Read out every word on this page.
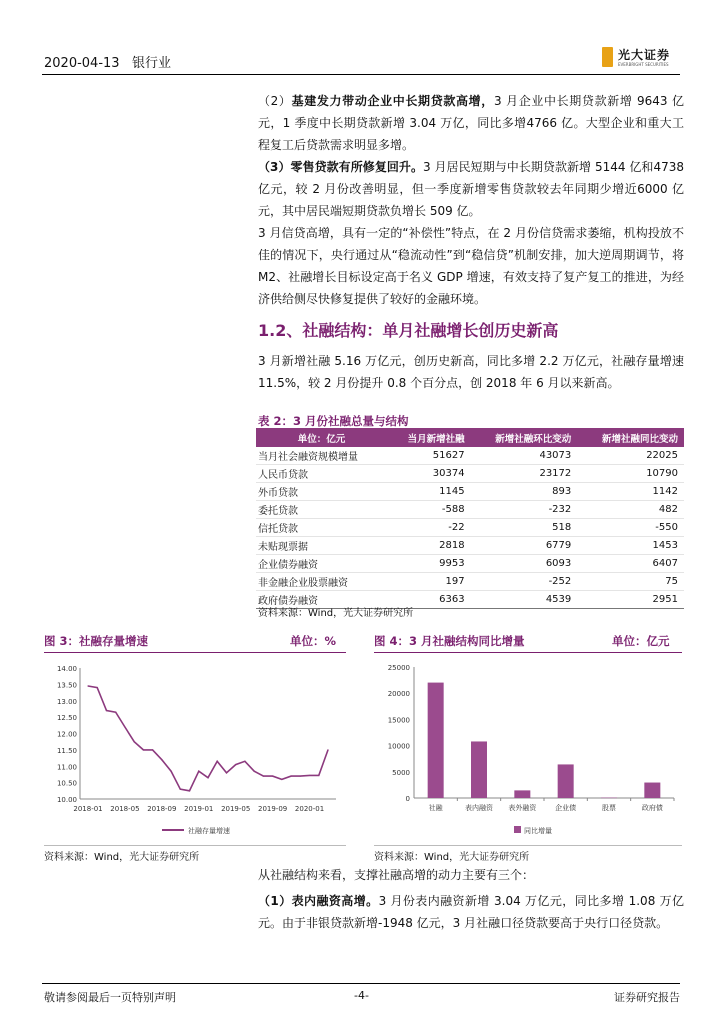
2020-04-13 银行业
光大证券
EVERBRIGHT SECURITIES

（2）基建发力带动企业中长期贷款高增，3 月企业中长期贷款新增 9643 亿元，1 季度中长期贷款新增 3.04 万亿，同比多增4766 亿。大型企业和重大工程复工后贷款需求明显多增。

（3）零售贷款有所修复回升。3 月居民短期与中长期贷款新增 5144 亿和4738 亿元，较 2 月份改善明显，但一季度新增零售贷款较去年同期少增近6000 亿元，其中居民端短期贷款负增长 509 亿。

3 月信贷高增，具有一定的“补偿性”特点，在 2 月份信贷需求萎缩，机构投放不佳的情况下，央行通过从“稳流动性”到“稳信贷”机制安排，加大逆周期调节，将 M2、社融增长目标设定高于名义 GDP 增速，有效支持了复产复工的推进，为经济供给侧尽快修复提供了较好的金融环境。

1.2、社融结构：单月社融增长创历史新高

3 月新增社融 5.16 万亿元，创历史新高，同比多增 2.2 万亿元，社融存量增速 11.5%，较 2 月份提升 0.8 个百分点，创 2018 年 6 月以来新高。

表 2：3 月份社融总量与结构
单位：亿元	当月新增社融	新增社融环比变动	新增社融同比变动
当月社会融资规模增量	51627	43073	22025
人民币贷款	30374	23172	10790
外币贷款	1145	893	1142
委托贷款	-588	-232	482
信托贷款	-22	518	-550
未贴现票据	2818	6779	1453
企业债券融资	9953	6093	6407
非金融企业股票融资	197	-252	75
政府债券融资	6363	4539	2951
资料来源：Wind，光大证券研究所
图 3：社融存量增速	单位：%
14.00
13.50
13.00
12.50
12.00
11.50
11.00
10.50
10.00
2018-01 2018-05 2018-09 2019-01 2019-05 2019-09 2020-01
社融存量增速
资料来源：Wind，光大证券研究所
图 4：3 月社融结构同比增量	单位：亿元
25000
20000
15000
10000
5000
0
社融	表内融资 表外融资	企业债	股票	政府债
同比增量
资料来源：Wind，光大证券研究所

从社融结构来看，支撑社融高增的动力主要有三个：

（1）表内融资高增。3 月份表内融资新增 3.04 万亿元，同比多增 1.08 万亿元。由于非银贷款新增-1948 亿元，3 月社融口径贷款要高于央行口径贷款。

敬请参阅最后一页特别声明	-4-	证券研究报告
